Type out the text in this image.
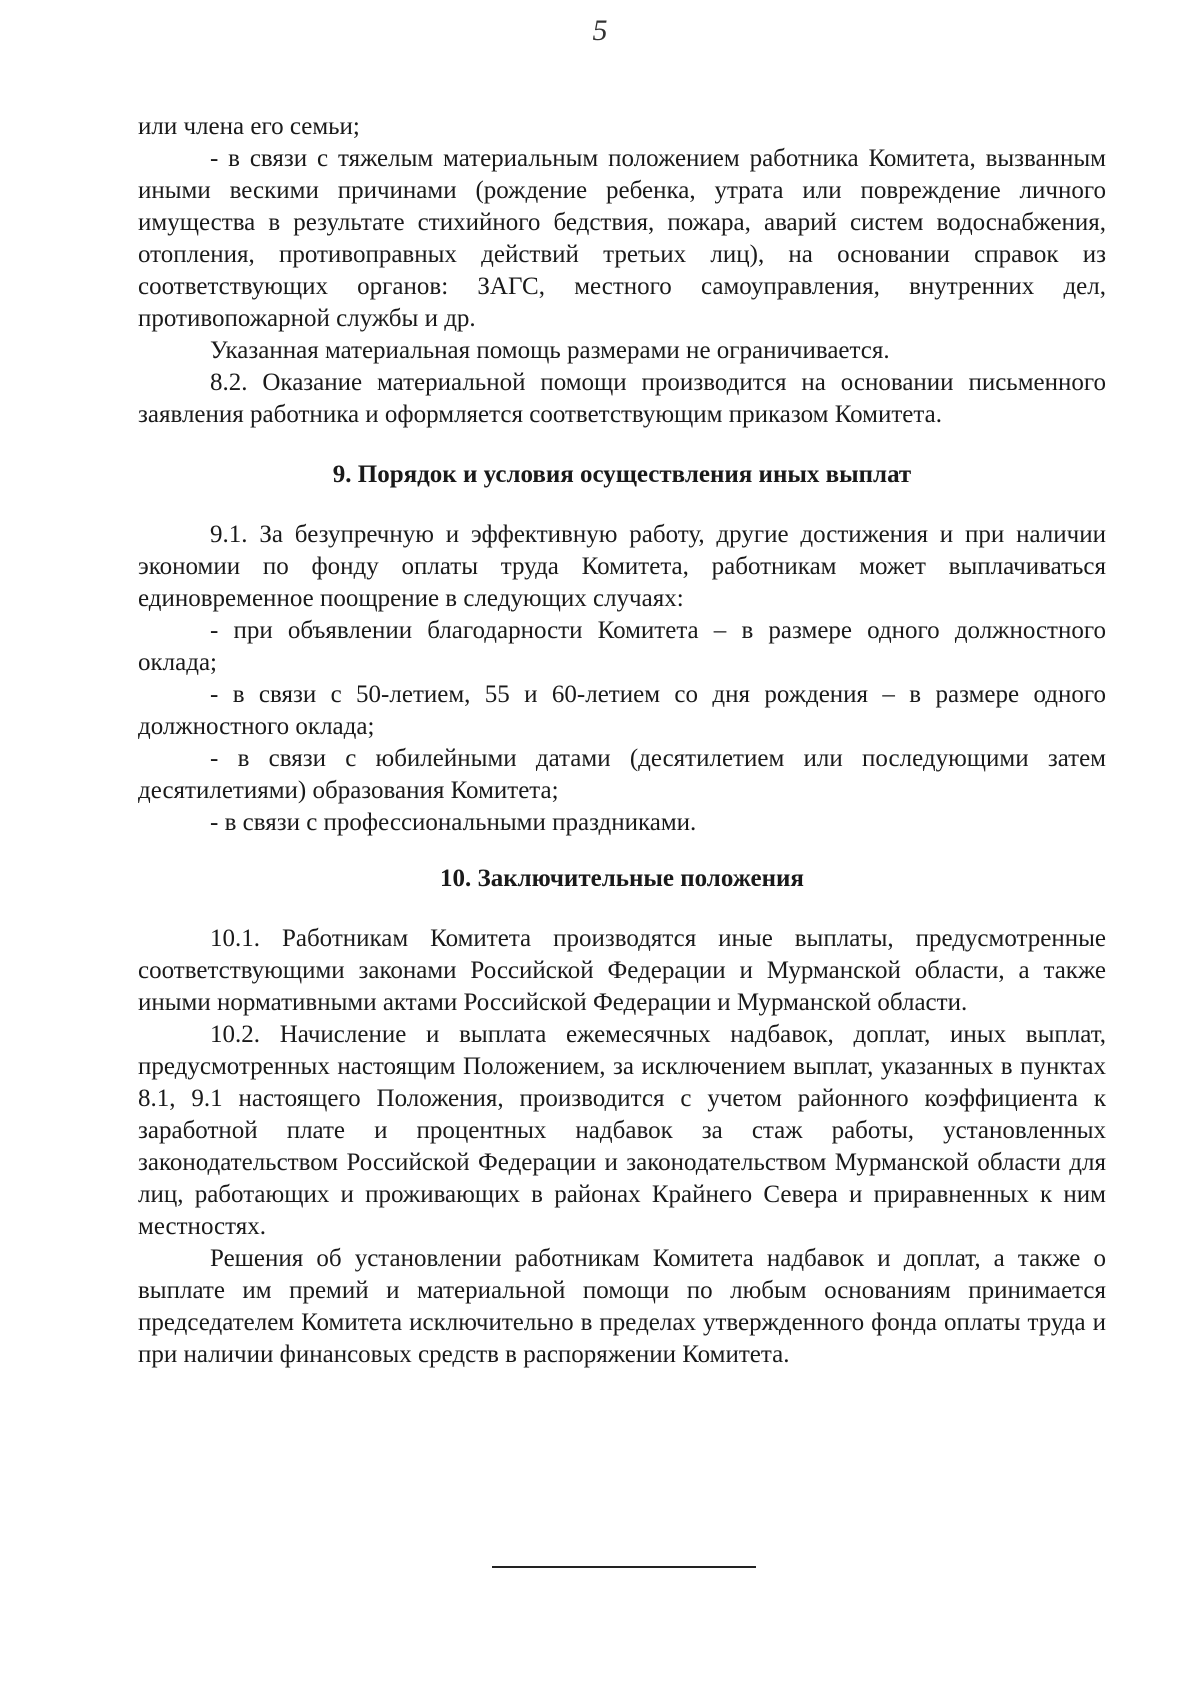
5

или члена его семьи;

- в связи с тяжелым материальным положением работника Комитета, вызванным иными вескими причинами (рождение ребенка, утрата или повреждение личного имущества в результате стихийного бедствия, пожара, аварий систем водоснабжения, отопления, противоправных действий третьих лиц), на основании справок из соответствующих органов: ЗАГС, местного самоуправления, внутренних дел, противопожарной службы и др.

Указанная материальная помощь размерами не ограничивается.

8.2. Оказание материальной помощи производится на основании письменного заявления работника и оформляется соответствующим приказом Комитета.

9. Порядок и условия осуществления иных выплат

9.1. За безупречную и эффективную работу, другие достижения и при наличии экономии по фонду оплаты труда Комитета, работникам может выплачиваться единовременное поощрение в следующих случаях:

- при объявлении благодарности Комитета – в размере одного должностного оклада;

- в связи с 50-летием, 55 и 60-летием со дня рождения – в размере одного должностного оклада;

- в связи с юбилейными датами (десятилетием или последующими затем десятилетиями) образования Комитета;

- в связи с профессиональными праздниками.

10. Заключительные положения

10.1. Работникам Комитета производятся иные выплаты, предусмотренные соответствующими законами Российской Федерации и Мурманской области, а также иными нормативными актами Российской Федерации и Мурманской области.

10.2. Начисление и выплата ежемесячных надбавок, доплат, иных выплат, предусмотренных настоящим Положением, за исключением выплат, указанных в пунктах 8.1, 9.1 настоящего Положения, производится с учетом районного коэффициента к заработной плате и процентных надбавок за стаж работы, установленных законодательством Российской Федерации и законодательством Мурманской области для лиц, работающих и проживающих в районах Крайнего Севера и приравненных к ним местностях.

Решения об установлении работникам Комитета надбавок и доплат, а также о выплате им премий и материальной помощи по любым основаниям принимается председателем Комитета исключительно в пределах утвержденного фонда оплаты труда и при наличии финансовых средств в распоряжении Комитета.
